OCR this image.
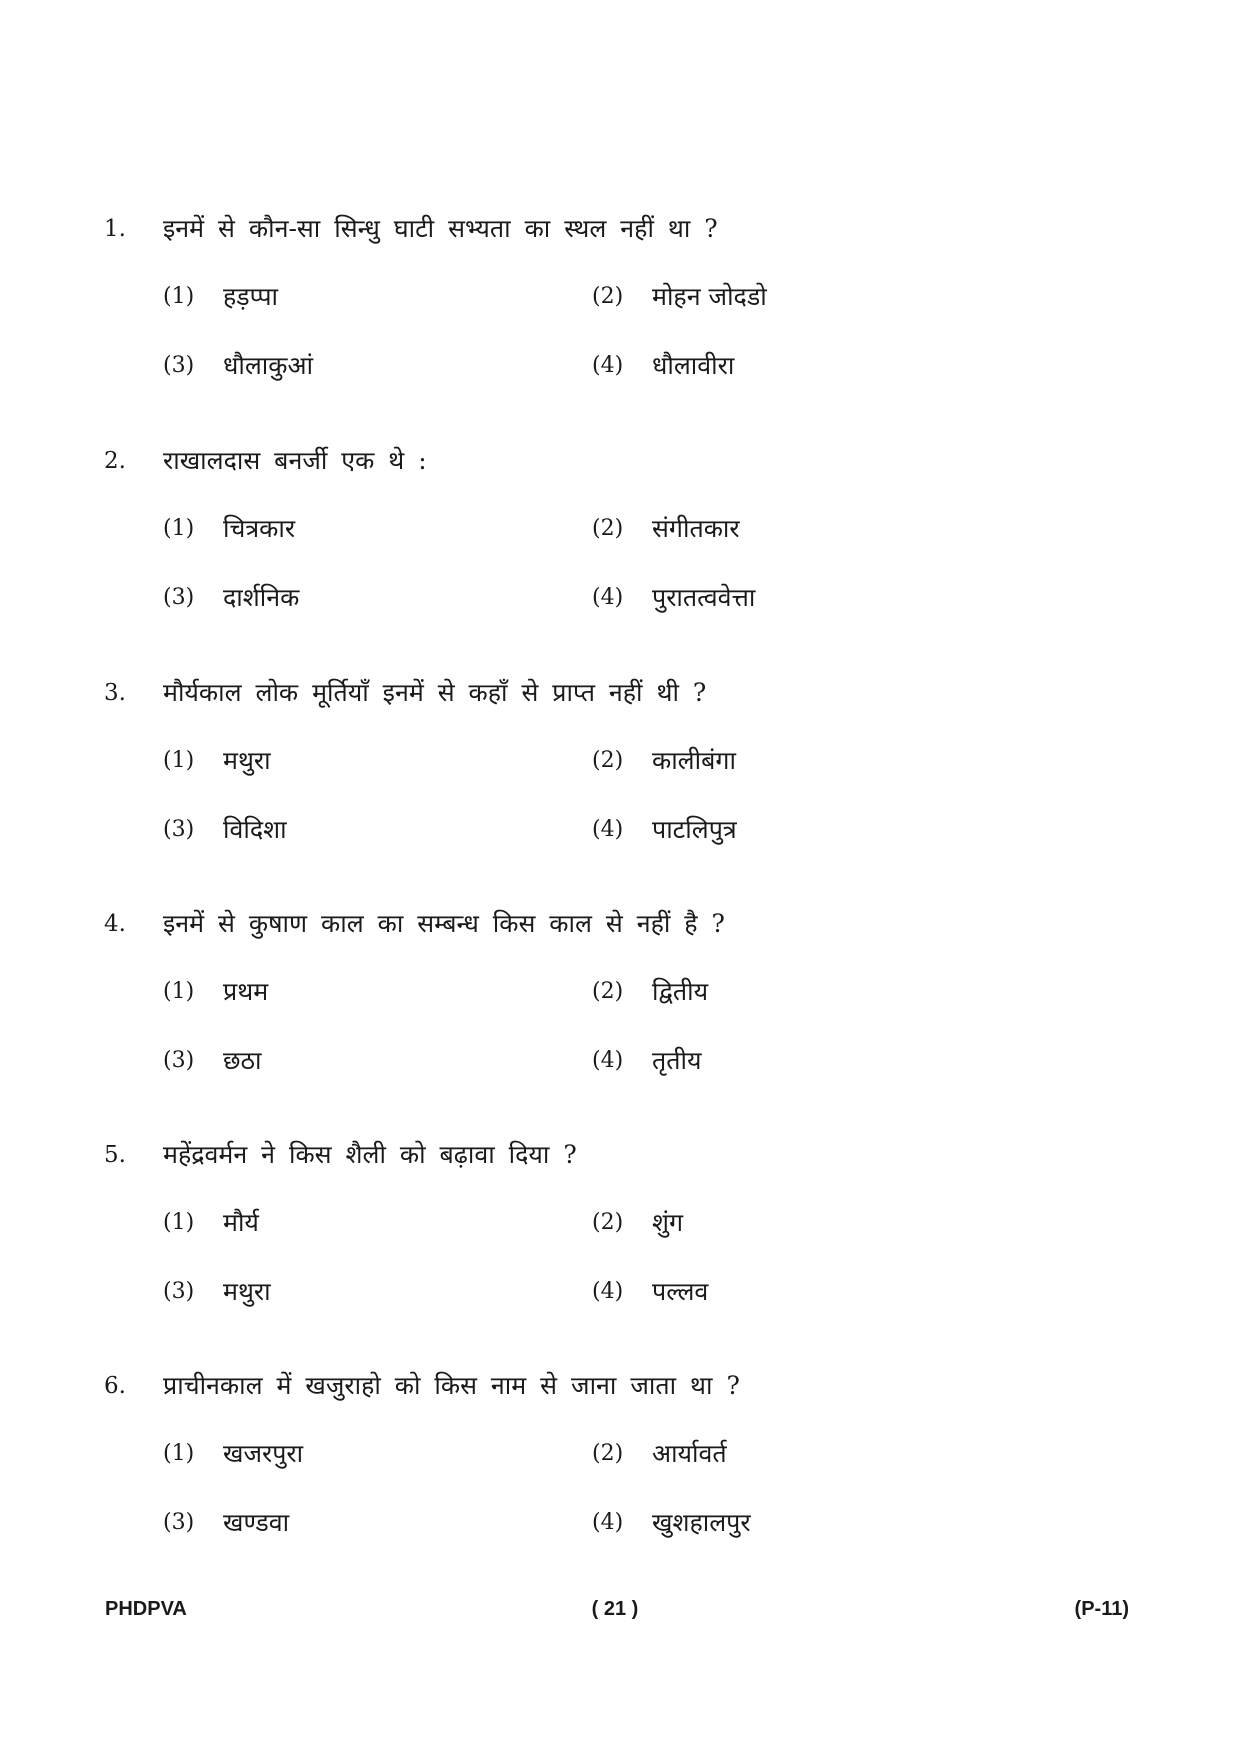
1. इनमें से कौन-सा सिन्धु घाटी सभ्यता का स्थल नहीं था ?
(1) हड़प्पा	(2) मोहन जोदडो
(3) धौलाकुआं	(4) धौलावीरा
2. राखालदास बनर्जी एक थे :
(1) चित्रकार	(2) संगीतकार
(3) दार्शनिक	(4) पुरातत्ववेत्ता
3. मौर्यकाल लोक मूर्तियाँ इनमें से कहाँ से प्राप्त नहीं थी ?
(1) मथुरा	(2) कालीबंगा
(3) विदिशा	(4) पाटलिपुत्र
4. इनमें से कुषाण काल का सम्बन्ध किस काल से नहीं है ?
(1) प्रथम	(2) द्वितीय
(3) छठा	(4) तृतीय
5. महेंद्रवर्मन ने किस शैली को बढ़ावा दिया ?
(1) मौर्य	(2) शुंग
(3) मथुरा	(4) पल्लव
6. प्राचीनकाल में खजुराहो को किस नाम से जाना जाता था ?
(1) खजरपुरा	(2) आर्यावर्त
(3) खण्डवा	(4) खुशहालपुर
PHDPVA	( 21 )	(P-11)
